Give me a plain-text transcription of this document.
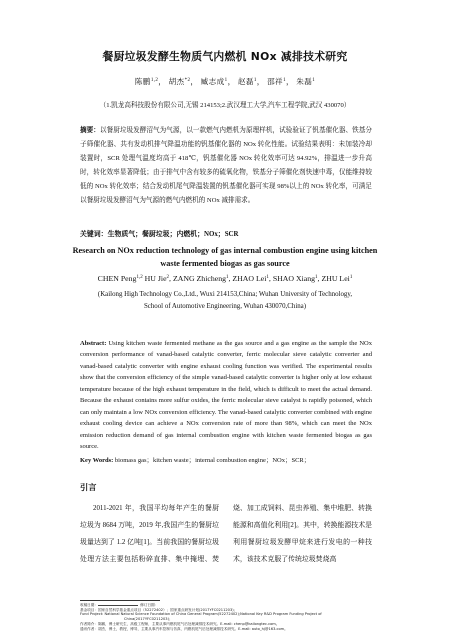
餐厨垃圾发酵生物质气内燃机 NOx 减排技术研究
陈鹏$^{1,2}$， 胡杰$^{*2}$， 臧志成$^1$， 赵磊$^1$， 邵祥$^1$， 朱磊$^1$
（1.凯龙高科技股份有限公司,无锡 214153;2.武汉理工大学,汽车工程学院,武汉 430070）
摘要：以餐厨垃圾发酵沼气为气源，以一款燃气内燃机为原理样机，试验验证了钒基催化器、铁基分子筛催化器、共有发动机排气降温功能的钒基催化器的 NOx 转化性能。试验结果表明：未加装冷却装置时，SCR 处理气温度均高于 418℃，钒基催化器 NOx 转化效率可达 94.92%，排温进一步升高时，转化效率显著降低；由于排气中含有较多的硫氧化物，铁基分子筛催化剂快速中毒，仅能维持较低的 NOx 转化效率；结合发动机尾气降温装置的钒基催化器可实现 98%以上的 NOx 转化率，可满足以餐厨垃圾发酵沼气为气源的燃气内燃机的 NOx 减排需求。
关键词：生物质气；餐厨垃圾；内燃机；NOx；SCR
Research on NOx reduction technology of gas internal combustion engine using kitchen waste fermented biogas as gas source
CHEN Peng$^{1,2}$ HU Jie$^2$, ZANG Zhicheng$^1$, ZHAO Lei$^1$, SHAO Xiang$^1$, ZHU Lei$^1$
(Kailong High Technology Co.,Ltd., Wuxi 214153,China; Wuhan University of Technology,
School of Automotive Engineering, Wuhan 430070,China)
Abstract: Using kitchen waste fermented methane as the gas source and a gas engine as the sample the NOx conversion performance of vanad-based catalytic converter, ferric molecular sieve catalytic converter and vanad-based catalytic converter with engine exhaust cooling function was verified. The experimental results show that the conversion efficiency of the simple vanad-based catalytic converter is higher only at low exhaust temperature because of the high exhaust temperature in the field, which is difficult to meet the actual demand. Because the exhaust contains more sulfur oxides, the ferric molecular sieve catalyst is rapidly poisoned, which can only maintain a low NOx conversion efficiency. The vanad-based catalytic converter combined with engine exhaust cooling device can achieve a NOx conversion rate of more than 98%, which can meet the NOx emission reduction demand of gas internal combustion engine with kitchen waste fermented biogas as gas source.
Key Words: biomass gas；kitchen waste；internal combustion engine；NOx；SCR；
引言

2011-2021 年，我国平均每年产生的餐厨垃圾为 8684 万吨，2019 年,我国产生的餐厨垃圾量达到了 1.2 亿吨[1]。当前我国的餐厨垃圾处理方法主要包括粉碎直排、集中掩埋、焚烧、加工成饲料、昆虫养殖、集中堆肥、转换能源和高值化利用[2]。其中，转换能源技术是利用餐厨垃圾发酵甲烷来进行发电的一种技术，该技术克服了传统垃圾焚烧高

收稿日期：	修订日期：
基金项目：国家自然科学基金重点项目（52272402）；国家重点研发计划(2017YFC0211203)；
Fund Project: National Natural Science Foundation of China General Program(52272402);National Key R&D Program Funding Project of
China(2017YFC0211203)；
作者简介：陈鹏，博士研究生，高级工程师，主要从事内燃机尾气后处理减排技术研究。E-mail: chenp@kailongtec.com。
通讯作者：胡杰，博士，教授，博导，主要从事汽车控制与仿真、内燃机尾气后处理减排技术研究。E-mail: auto_hj@163.com。
